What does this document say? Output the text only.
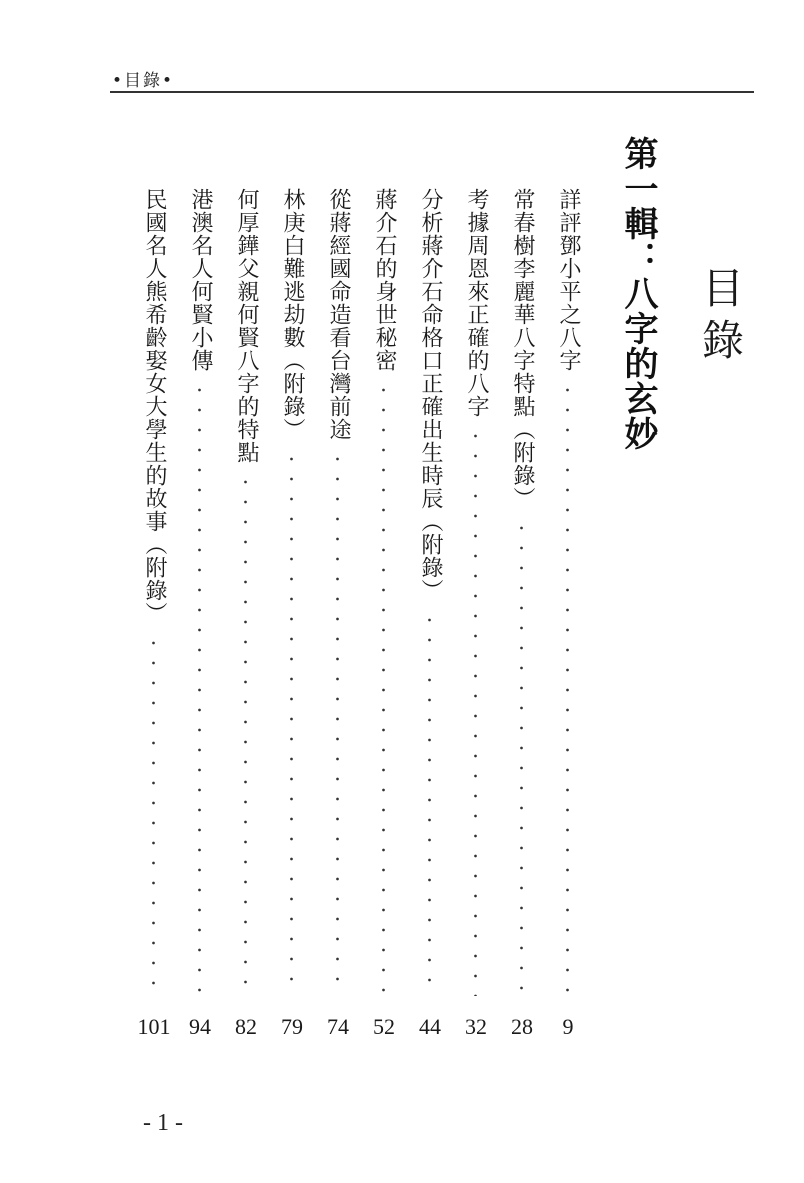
•目錄•
目錄
第一輯：八字的玄妙
詳評鄧小平之八字
9
常春樹李麗華八字特點︵附錄︶
28
考據周恩來正確的八字
32
分析蔣介石命格口正確出生時辰︵附錄︶
44
蔣介石的身世秘密
52
從蔣經國命造看台灣前途
74
林庚白難逃劫數︵附錄︶
79
何厚鏵父親何賢八字的特點
82
港澳名人何賢小傳
94
民國名人熊希齡娶女大學生的故事︵附錄︶
101
- 1 -
